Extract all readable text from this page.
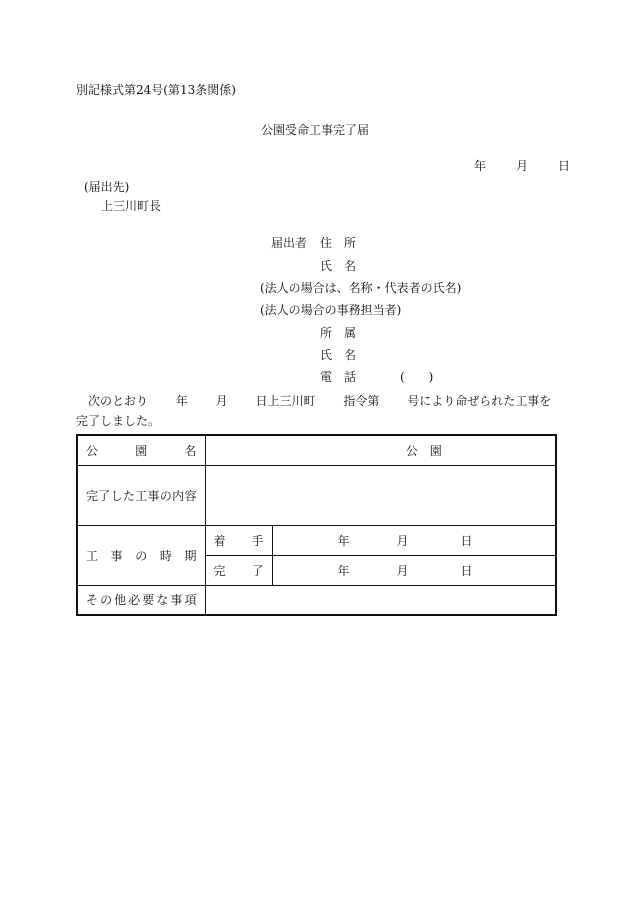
別記様式第24号(第13条関係)
公園受命工事完了届
年	月	日
(届出先)
上三川町長
届出者 住　所
氏　名
(法人の場合は、名称・代表者の氏名)
(法人の場合の事務担当者)
所　属
氏　名
電　話	(　　)
次のとおり　　 年　　 月　　 日上三川町　　 指令第　　 号により命ぜられた工事を完了しました。
公園名	公　園	
完了した工事の内容		
工事の時期	着手	年 月 日
	完了	年 月 日
その他必要な事項		
